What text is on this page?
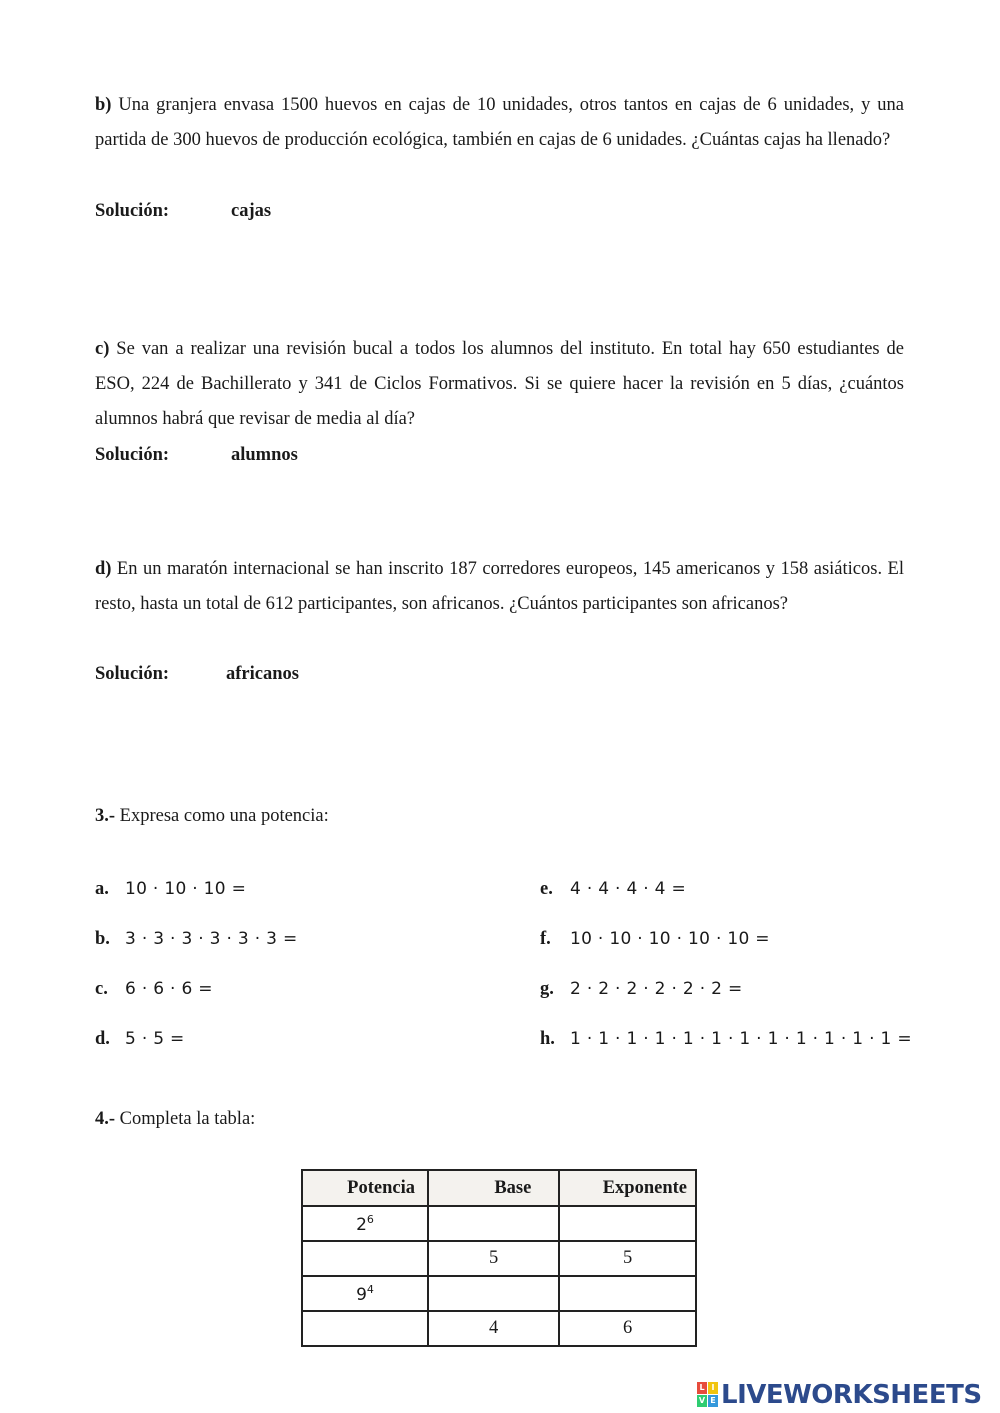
b) Una granjera envasa 1500 huevos en cajas de 10 unidades, otros tantos en cajas de 6 unidades, y una partida de 300 huevos de producción ecológica, también en cajas de 6 unidades. ¿Cuántas cajas ha llenado?
Solución:	cajas
c) Se van a realizar una revisión bucal a todos los alumnos del instituto. En total hay 650 estudiantes de ESO, 224 de Bachillerato y 341 de Ciclos Formativos. Si se quiere hacer la revisión en 5 días, ¿cuántos alumnos habrá que revisar de media al día?
Solución:	alumnos
d) En un maratón internacional se han inscrito 187 corredores europeos, 145 americanos y 158 asiáticos. El resto, hasta un total de 612 participantes, son africanos. ¿Cuántos participantes son africanos?
Solución:	africanos
3.- Expresa como una potencia:
a. 10 · 10 · 10 =
b. 3 · 3 · 3 · 3 · 3 · 3 =
c. 6 · 6 · 6 =
d. 5 · 5 =
e. 4 · 4 · 4 · 4 =
f. 10 · 10 · 10 · 10 · 10 =
g. 2 · 2 · 2 · 2 · 2 · 2 =
h. 1 · 1 · 1 · 1 · 1 · 1 · 1 · 1 · 1 · 1 · 1 · 1 =
4.- Completa la tabla:
Potencia	Base	Exponente
$2^6$		
	5	5
$9^4$		
	4	6
L I
V E LIVEWORKSHEETS
